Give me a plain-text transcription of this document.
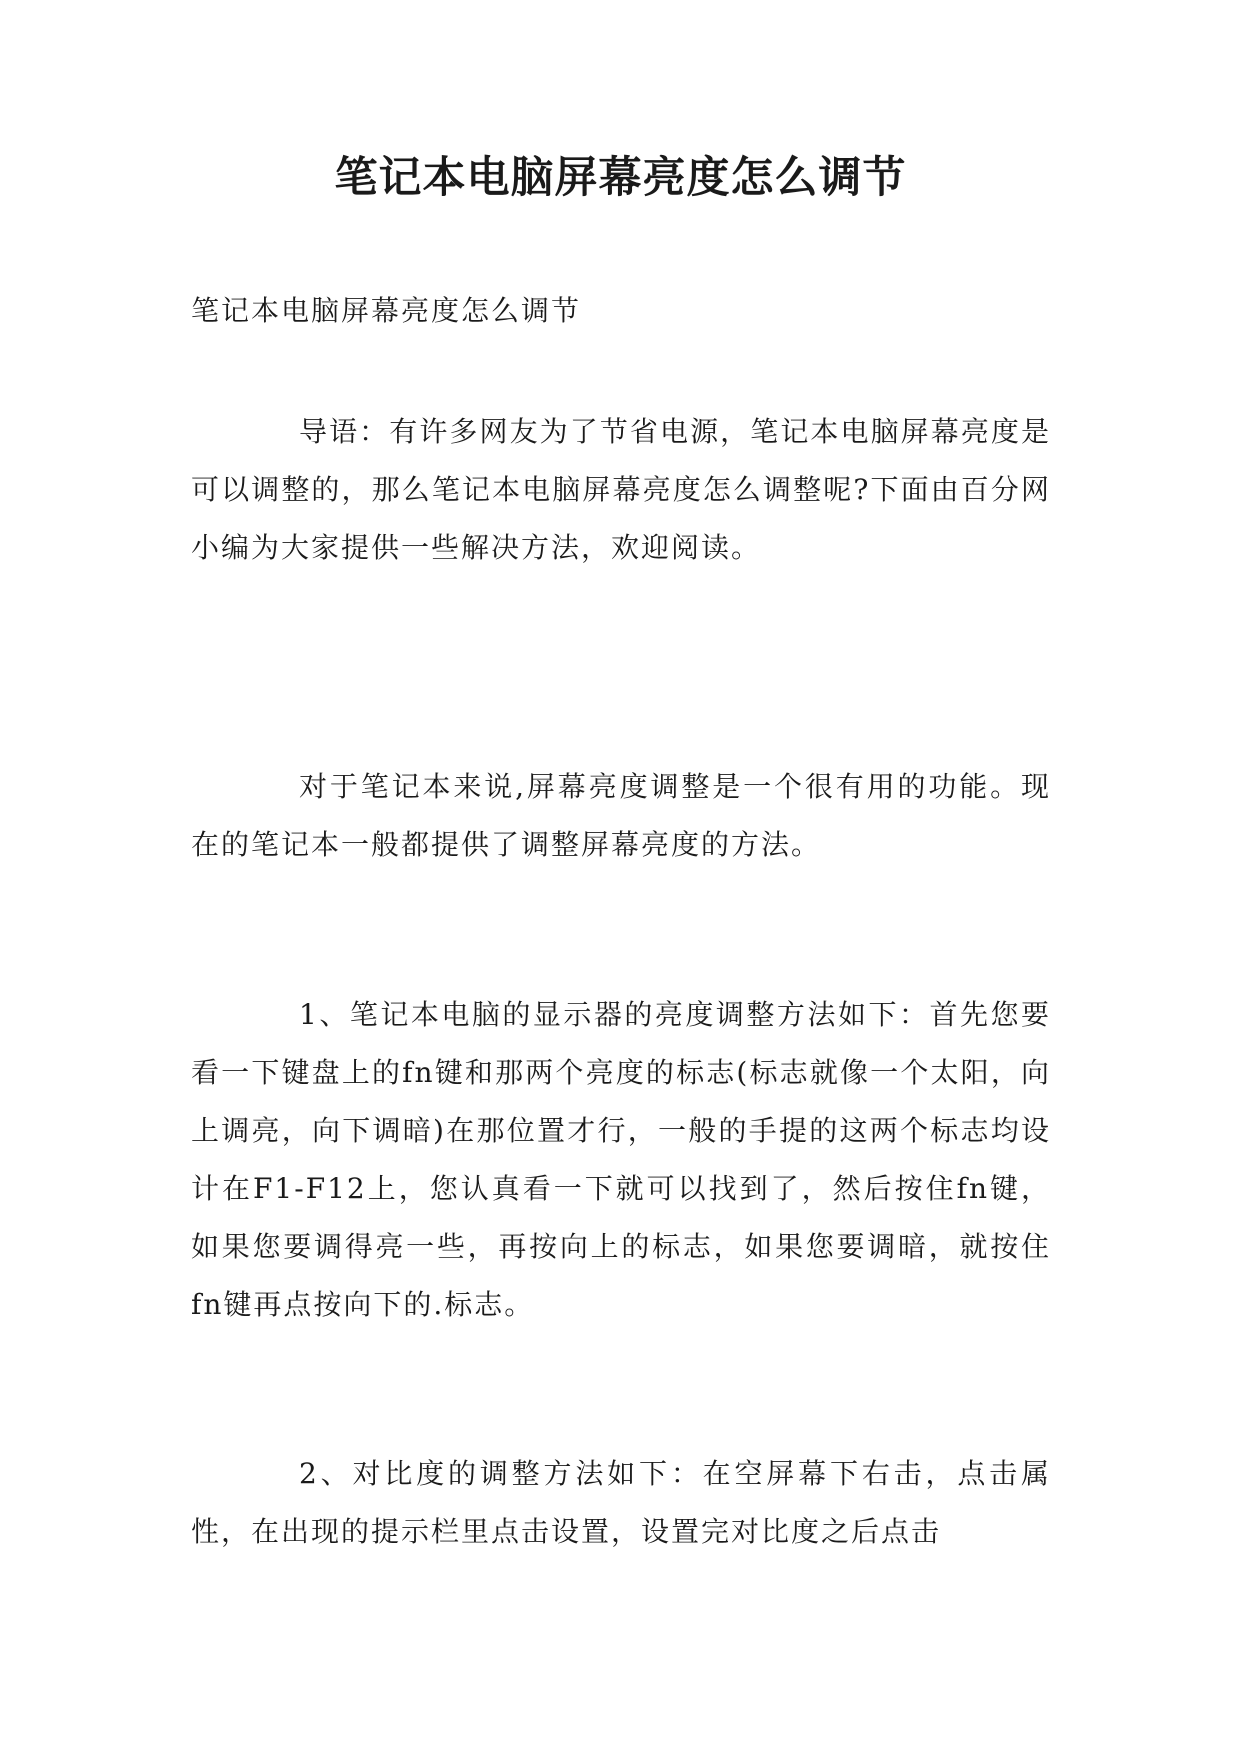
笔记本电脑屏幕亮度怎么调节

笔记本电脑屏幕亮度怎么调节

导语：有许多网友为了节省电源，笔记本电脑屏幕亮度是可以调整的，那么笔记本电脑屏幕亮度怎么调整呢?下面由百分网小编为大家提供一些解决方法，欢迎阅读。

对于笔记本来说,屏幕亮度调整是一个很有用的功能。现在的笔记本一般都提供了调整屏幕亮度的方法。

1、笔记本电脑的显示器的亮度调整方法如下：首先您要看一下键盘上的fn键和那两个亮度的标志(标志就像一个太阳，向上调亮，向下调暗)在那位置才行，一般的手提的这两个标志均设计在F1-F12上，您认真看一下就可以找到了，然后按住fn键，如果您要调得亮一些，再按向上的标志，如果您要调暗，就按住 fn键再点按向下的.标志。

2、对比度的调整方法如下：在空屏幕下右击，点击属性，在出现的提示栏里点击设置，设置完对比度之后点击
